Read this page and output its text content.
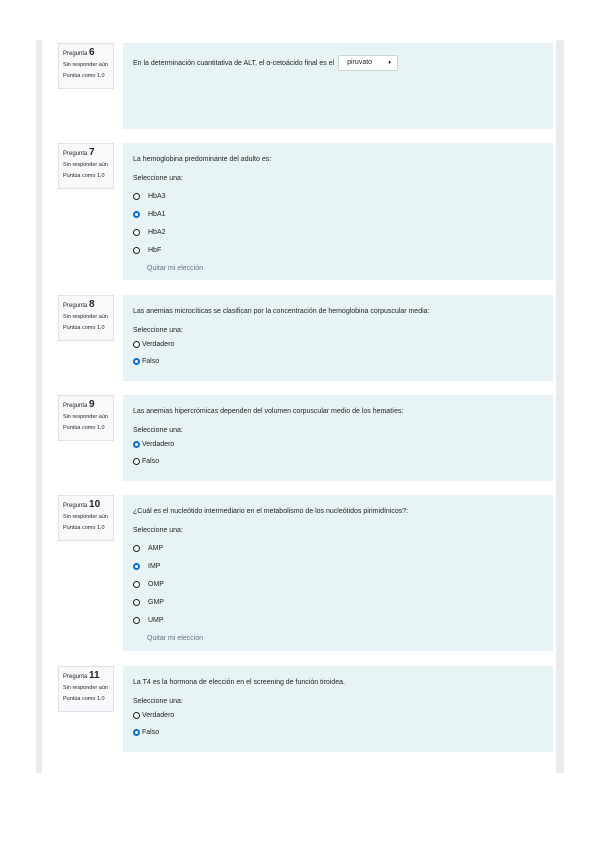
Pregunta 6
Sin responder aún
Puntúa como 1,0
En la determinación cuantitativa de ALT, el α-cetoácido final es el piruvato	♦
Pregunta 7
Sin responder aún
Puntúa como 1,0
La hemoglobina predominante del adulto es:
Seleccione una:
HbA3
HbA1
HbA2
HbF
Quitar mi elección
Pregunta 8
Sin responder aún
Puntúa como 1,0
Las anemias microcíticas se clasifican por la concentración de hemoglobina corpuscular media:
Seleccione una:
Verdadero
Falso
Pregunta 9
Sin responder aún
Puntúa como 1,0
Las anemias hipercrómicas dependen del volumen corpuscular medio de los hematíes:
Seleccione una:
Verdadero
Falso
Pregunta 10
Sin responder aún
Puntúa como 1,0
¿Cuál es el nucleótido intermediario en el metabolismo de los nucleótidos pirimidínicos?:
Seleccione una:
AMP
IMP
OMP
GMP
UMP
Quitar mi elección
Pregunta 11
Sin responder aún
Puntúa como 1,0
La T4 es la hormona de elección en el screening de función tiroidea.
Seleccione una:
Verdadero
Falso
